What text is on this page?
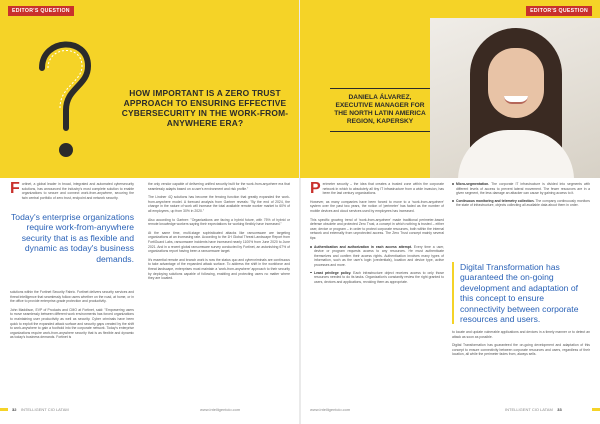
EDITOR'S QUESTION
HOW IMPORTANT IS A ZERO TRUST APPROACH TO ENSURING EFFECTIVE CYBERSECURITY IN THE WORK-FROM-ANYWHERE ERA?

Fortinet, a global leader in broad, integrated and automated cybersecurity solutions, has announced the industry's most complete solution to enable organizations to secure and connect work-from-anywhere, securing the twin central portfolio of zero trust, endpoint and network security.

Today's enterprise organizations require work-from-anywhere security that is as flexible and dynamic as today's business demands.

solutions within the Fortinet Security Fabric. Fortinet delivers security services and threat intelligence that seamlessly follow users whether on the road, at home, or in the office to provide enterprise-grade protection and productivity.

John Maddison, EVP of Products and CMO at Fortinet, said: "Empowering users to move seamlessly between different work environments has forced organizations to maintaining user productivity as well as security. Cyber criminals have been quick to exploit the expanded attack surface and security gaps created by the shift to work-anywhere to gain a foothold into the corporate network. Today's enterprise organizations require work-from-anywhere security that is as flexible and dynamic as today's business demands. Fortinet is

the only vendor capable of delivering unified security built for the work-from-anywhere era that seamlessly adapts based on a user's environment and risk profile."

The Lindner 4Q solutions has become the fencing function that greatly expanded the work-from-anywhere model. A forecast analysis from Gartner reveals: "By the end of 2024, the change in the nature of work will increase the total available remote worker market to 60% of all employees, up from 30% in 2020."

Also according to Gartner: "Organizations are facing a hybrid future, with 75% of hybrid or remote knowledge workers saying their expectations for working flexibly have increased."

At the same time, multi-stage sophisticated attacks like ransomware are targeting organizations at an increasing rate. According to the 1H Global Threat Landscape Report from FortiGuard Labs, ransomware incidents have increased nearly 1100% from June 2020 to June 2021. And in a recent global ransomware survey conducted by Fortinet, an astonishing 67% of organizations report having been a ransomware target.

It's essential remote and branch work is now the status quo and cybercriminals are continuous to take advantage of the expanded attack surface. To address the shift in the workforce and threat landscape, enterprises must maintain a 'work-from-anywhere' approach to their security by deploying solutions capable of following, enabling and protecting users no matter where they are located.

32 INTELLIGENT CIO LATAM	www.intelligentcio.com
EDITOR'S QUESTION
DANIELA ÁLVAREZ, EXECUTIVE MANAGER FOR THE NORTH LATIN AMERICA REGION, KAPERSKY

Perimeter security – the idea that creates a trusted zone within the corporate network in which to absolutely all tiny IT infrastructure from a wide invasion, has been the last century organizations.

However, as many companies have been forced to move to a 'work-from-anywhere' system over the past two years, the notion of 'perimeter' has faded as the number of mobile devices and cloud services used by employees has increased.

This specific growing trend of 'work-from-anywhere' made traditional perimeter-based defense obsolete and protected Zero Trust, a concept in which nothing is trusted – either user, device or program – in order to protect corporate resources, both within the internal network and externally from unprotected access. The Zero Trust concept mainly several tips:

Authentication and authorization in each access attempt. Every time a user, device or program requests access to any resources. He must authenticate themselves and confirm their access rights. Authentication involves many types of information, such as the user's login (credentials), location and device type, active processes and more.
Least privilege policy. Each infrastructure object receives access to only those resources needed to do its tasks. Organization's constantly review the right granted to users, devices and applications, revoking them as appropriate.
Micro-segmentation. The corporate IT infrastructure is divided into segments with different levels of access to prevent lateral movement. The fewer resources are in a given segment, the less damage an attacker can cause by gaining access to it.
Continuous monitoring and telemetry collection. The company continuously monitors the state of infrastructure, objects collecting all available data about them in order.
Digital Transformation has guaranteed the on-going development and adaptation of this concept to ensure connectivity between corporate resources and users.

to locate and update vulnerable applications and devices in a timely manner or to detect an attack as soon as possible.

Digital Transformation has guaranteed the on-going development and adaptation of this concept to ensure connectivity between corporate resources and users, regardless of their location, all while the perimeter fades from, always sells.

www.intelligentcio.com	INTELLIGENT CIO LATAM 33
